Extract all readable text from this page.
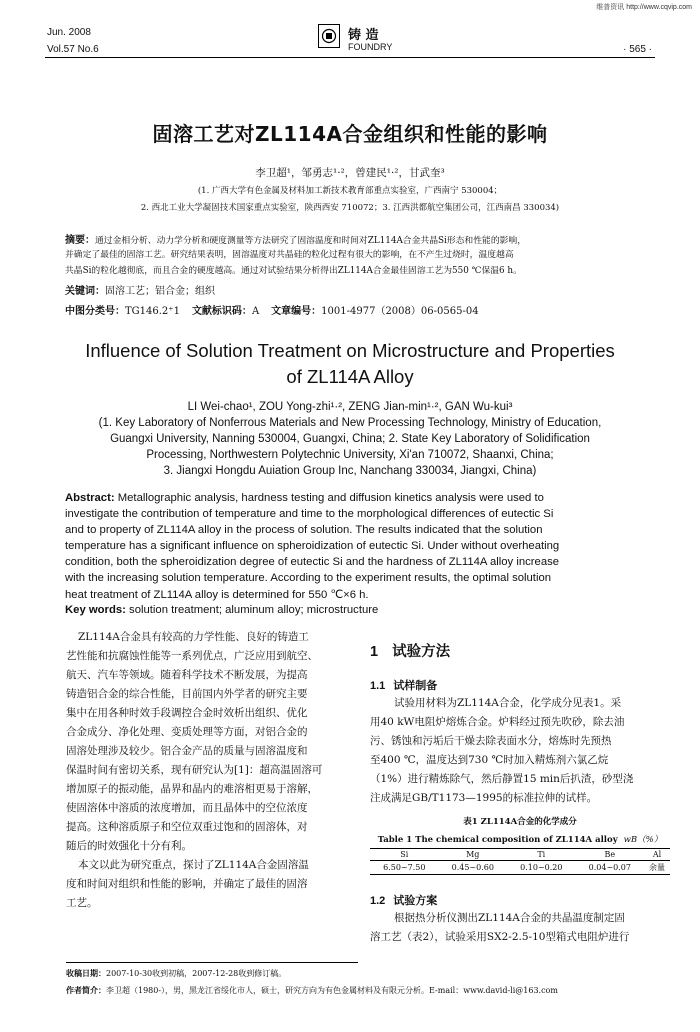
维普资讯 http://www.cqvip.com
Jun. 2008
Vol.57 No.6
铸 造
FOUNDRY	· 565 ·
固溶工艺对ZL114A合金组织和性能的影响
李卫超¹，邹勇志¹·²，曾建民¹·²，甘武奎³
(1. 广西大学有色金属及材料加工新技术教育部重点实验室，广西南宁 530004；
2. 西北工业大学凝固技术国家重点实验室，陕西西安 710072；3. 江西洪都航空集团公司，江西南昌 330034)
摘要：通过金相分析、动力学分析和硬度测量等方法研究了固溶温度和时间对ZL114A合金共晶Si形态和性能的影响，
并确定了最佳的固溶工艺。研究结果表明，固溶温度对共晶硅的粒化过程有很大的影响，在不产生过烧时，温度越高
共晶Si的粒化越彻底，而且合金的硬度越高。通过对试验结果分析得出ZL114A合金最佳固溶工艺为550 ℃保温6 h。
关键词：固溶工艺；铝合金；组织
中图分类号：TG146.2⁺1 文献标识码：A 文章编号：1001-4977（2008）06-0565-04
Influence of Solution Treatment on Microstructure and Properties
of ZL114A Alloy
LI Wei-chao¹, ZOU Yong-zhi¹·², ZENG Jian-min¹·², GAN Wu-kui³
(1. Key Laboratory of Nonferrous Materials and New Processing Technology, Ministry of Education,
Guangxi University, Nanning 530004, Guangxi, China; 2. State Key Laboratory of Solidification
Processing, Northwestern Polytechnic University, Xi'an 710072, Shaanxi, China;
3. Jiangxi Hongdu Auiation Group Inc, Nanchang 330034, Jiangxi, China)
Abstract: Metallographic analysis, hardness testing and diffusion kinetics analysis were used to
investigate the contribution of temperature and time to the morphological differences of eutectic Si
and to property of ZL114A alloy in the process of solution. The results indicated that the solution
temperature has a significant influence on spheroidization of eutectic Si. Under without overheating
condition, both the spheroidization degree of eutectic Si and the hardness of ZL114A alloy increase
with the increasing solution temperature. According to the experiment results, the optimal solution
heat treatment of ZL114A alloy is determined for 550 ℃×6 h.
Key words: solution treatment; aluminum alloy; microstructure
ZL114A合金具有较高的力学性能、良好的铸造工
艺性能和抗腐蚀性能等一系列优点，广泛应用到航空、
航天、汽车等领域。随着科学技术不断发展，为提高
铸造铝合金的综合性能，目前国内外学者的研究主要
集中在用各种时效手段调控合金时效析出组织、优化
合金成分、净化处理、变质处理等方面，对铝合金的
固溶处理涉及较少。铝合金产品的质量与固溶温度和
保温时间有密切关系，现有研究认为[1]：超高温固溶可
增加原子的振动能，晶界和晶内的难溶相更易于溶解，
使固溶体中溶质的浓度增加，而且晶体中的空位浓度
提高。这种溶质原子和空位双重过饱和的固溶体，对
随后的时效强化十分有利。
本文以此为研究重点，探讨了ZL114A合金固溶温
度和时间对组织和性能的影响，并确定了最佳的固溶
工艺。
1 试验方法
1.1 试样制备
试验用材料为ZL114A合金，化学成分见表1。采
用40 kW电阻炉熔炼合金。炉料经过预先吹砂，除去油
污、锈蚀和污垢后干燥去除表面水分，熔炼时先预热
至400 ℃，温度达到730 ℃时加入精炼剂六氯乙烷
（1%）进行精炼除气，然后静置15 min后扒渣，砂型浇
注成满足GB/T1173—1995的标准拉伸的试样。
表1 ZL114A合金的化学成分
Table 1 The chemical composition of ZL114A alloy wB（%）
Si	Mg	Ti	Be	Al
6.50~7.50	0.45~0.60	0.10~0.20	0.04~0.07	余量
1.2 试验方案
根据热分析仪测出ZL114A合金的共晶温度制定固
溶工艺（表2），试验采用SX2-2.5-10型箱式电阻炉进行
收稿日期：2007-10-30收到初稿，2007-12-28收到修订稿。
作者简介：李卫超（1980-），男，黑龙江省绥化市人，硕士，研究方向为有色金属材料及有限元分析。E-mail：www.david-li@163.com
